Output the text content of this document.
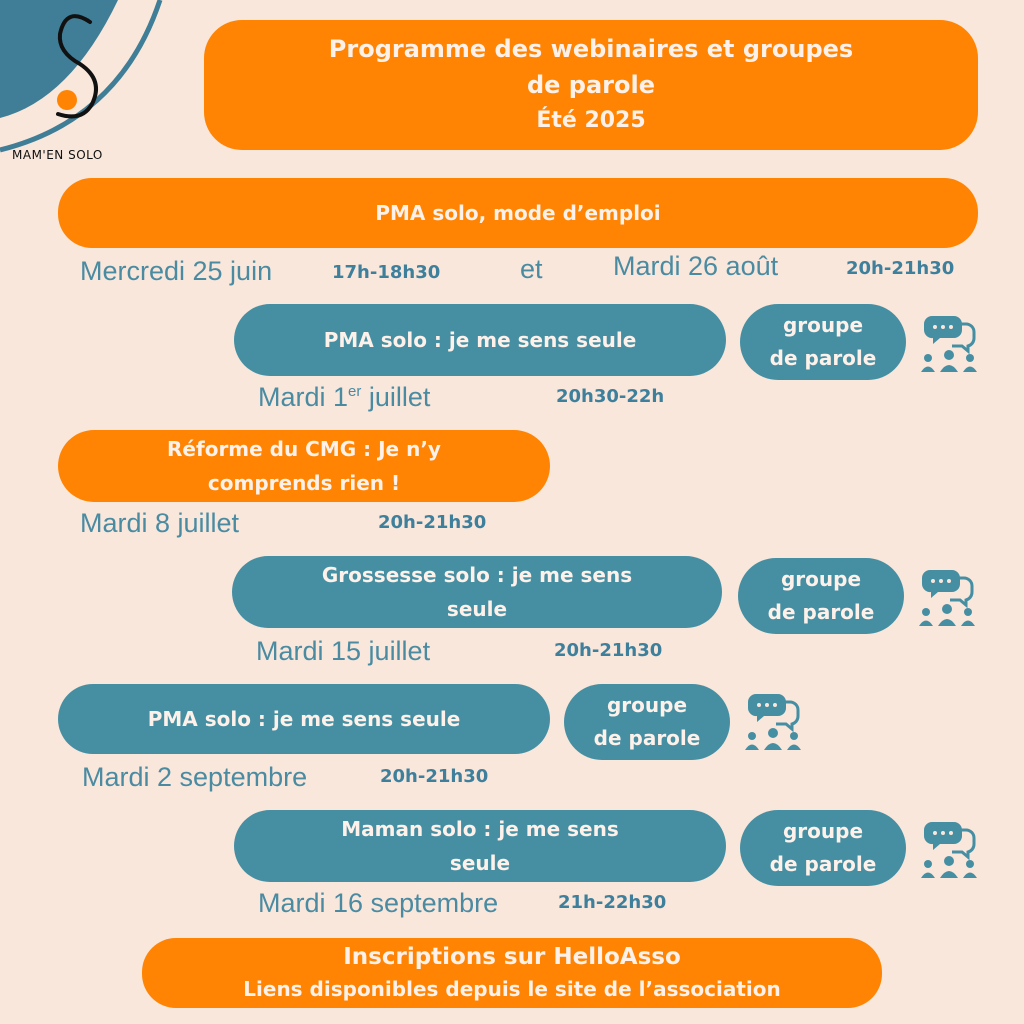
MAM'EN SOLO
Programme des webinaires et groupes
de parole
Été 2025
PMA solo, mode d’emploi
Mercredi 25 juin	17h-18h30	et	Mardi 26 août	20h-21h30
PMA solo : je me sens seule
groupe
de parole
Mardi 1er juillet	20h30-22h
Réforme du CMG : Je n’y
comprends rien !
Mardi 8 juillet	20h-21h30
Grossesse solo : je me sens
seule
groupe
de parole
Mardi 15 juillet	20h-21h30
PMA solo : je me sens seule
groupe
de parole
Mardi 2 septembre	20h-21h30
Maman solo : je me sens
seule
groupe
de parole
Mardi 16 septembre	21h-22h30
Inscriptions sur HelloAsso
Liens disponibles depuis le site de l’association
